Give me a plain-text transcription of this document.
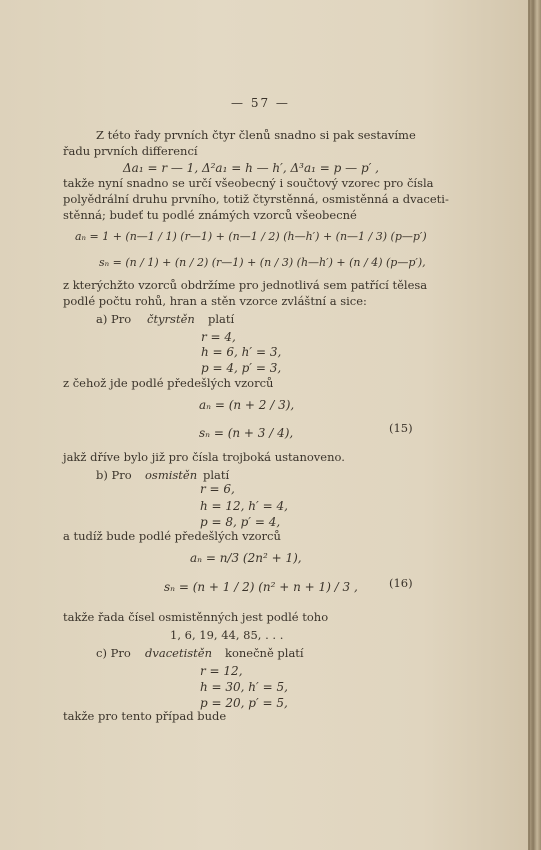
— 57 —
Z této řady prvních čtyr členů snadno si pak sestavíme
řadu prvních differencí
Δa₁ = r — 1, Δ²a₁ = h — h′, Δ³a₁ = p — p′ ,
takže nyní snadno se určí všeobecný i součtový vzorec pro čísla
polyědrální druhu prvního, totiž čtyrstěnná, osmistěnná a dvaceti-
stěnná; budeť tu podlé známých vzorců všeobecné
aₙ = 1 + (n—1 / 1) (r—1) + (n—1 / 2) (h—h′) + (n—1 / 3) (p—p′)
sₙ = (n / 1) + (n / 2) (r—1) + (n / 3) (h—h′) + (n / 4) (p—p′),
z kterýchžto vzorců obdržíme pro jednotlivá sem patřící tělesa
podlé počtu rohů, hran a stěn vzorce zvláštní a sice:
a) Pro čtyrstěn platí
r = 4,
h = 6, h′ = 3,
p = 4, p′ = 3,
z čehož jde podlé předešlých vzorců
aₙ = (n + 2 / 3),
sₙ = (n + 3 / 4),	(15)
jakž dříve bylo již pro čísla trojboká ustanoveno.
b) Pro osmistěn platí
r = 6,
h = 12, h′ = 4,
p = 8, p′ = 4,
a tudíž bude podlé předešlých vzorců
aₙ = n/3 (2n² + 1),
sₙ = (n + 1 / 2) (n² + n + 1) / 3 ,	(16)
takže řada čísel osmistěnných jest podlé toho
1, 6, 19, 44, 85, . . .
c) Pro dvacetistěn konečně platí
r = 12,
h = 30, h′ = 5,
p = 20, p′ = 5,
takže pro tento případ bude
